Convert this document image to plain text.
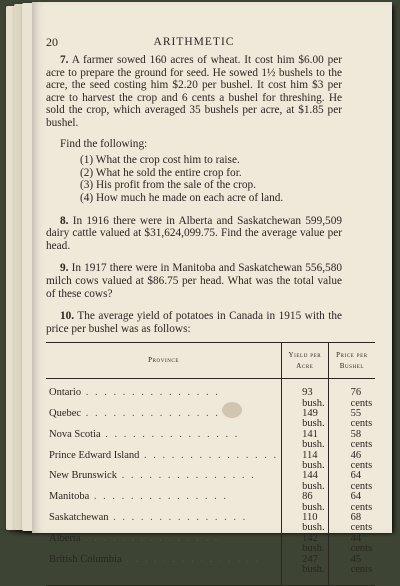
20	ARITHMETIC

7. A farmer sowed 160 acres of wheat. It cost him $6.00 per acre to prepare the ground for seed. He sowed 1½ bushels to the acre, the seed costing him $2.20 per bushel. It cost him $3 per acre to harvest the crop and 6 cents a bushel for threshing. He sold the crop, which averaged 35 bushels per acre, at $1.85 per bushel.

Find the following:

(1) What the crop cost him to raise.
(2) What he sold the entire crop for.
(3) His profit from the sale of the crop.
(4) How much he made on each acre of land.

8. In 1916 there were in Alberta and Saskatchewan 599,509 dairy cattle valued at $31,624,099.75. Find the average value per head.

9. In 1917 there were in Manitoba and Saskatchewan 556,580 milch cows valued at $86.75 per head. What was the total value of these cows?

10. The average yield of potatoes in Canada in 1915 with the price per bushel was as follows:

Province	Yield per Acre	Price per Bushel
Ontario . . . . . . . . . . . . . . .	93 bush.	76 cents
Quebec . . . . . . . . . . . . . . .	149 bush.	55 cents
Nova Scotia . . . . . . . . . . . . . . .	141 bush.	58 cents
Prince Edward Island . . . . . . . . . . . . . . .	114 bush.	46 cents
New Brunswick . . . . . . . . . . . . . . .	144 bush.	64 cents
Manitoba . . . . . . . . . . . . . . .	86 bush.	64 cents
Saskatchewan . . . . . . . . . . . . . . .	110 bush.	68 cents
Alberta . . . . . . . . . . . . . . .	142 bush.	44 cents
British Columbia . . . . . . . . . . . . . . .	247 bush.	45 cents
